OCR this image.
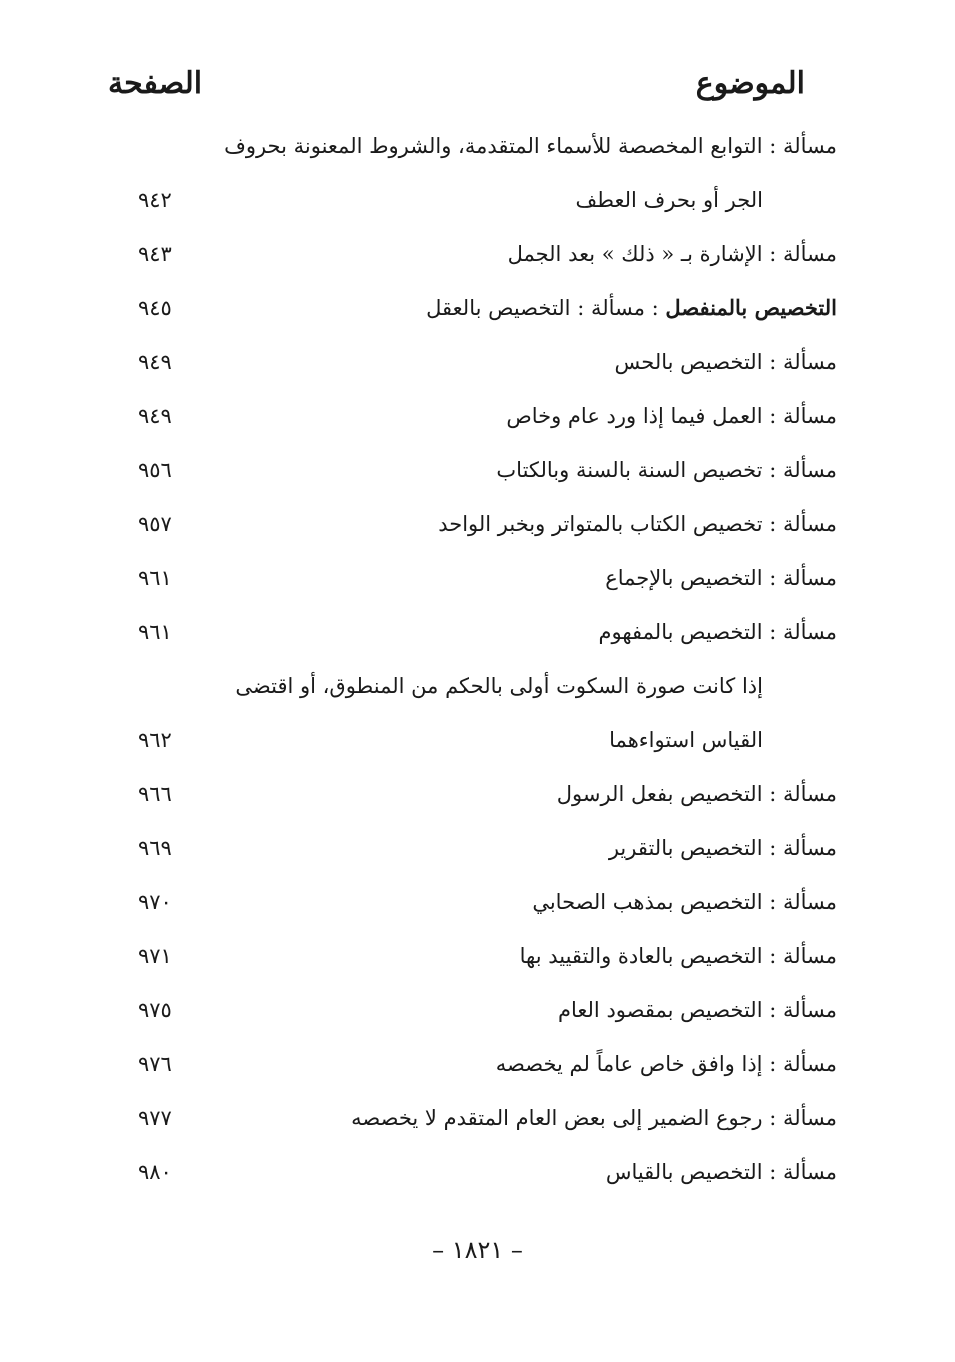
الموضوع
الصفحة
مسألة : التوابع المخصصة للأسماء المتقدمة، والشروط المعنونة بحروف
الجر أو بحرف العطف
٩٤٢
مسألة : الإشارة بـ « ذلك » بعد الجمل
٩٤٣
التخصيص بالمنفصل : مسألة : التخصيص بالعقل
٩٤٥
مسألة : التخصيص بالحس
٩٤٩
مسألة : العمل فيما إذا ورد عام وخاص
٩٤٩
مسألة : تخصيص السنة بالسنة وبالكتاب
٩٥٦
مسألة : تخصيص الكتاب بالمتواتر وبخبر الواحد
٩٥٧
مسألة : التخصيص بالإجماع
٩٦١
مسألة : التخصيص بالمفهوم
٩٦١
إذا كانت صورة السكوت أولى بالحكم من المنطوق، أو اقتضى
القياس استواءهما
٩٦٢
مسألة : التخصيص بفعل الرسول
٩٦٦
مسألة : التخصيص بالتقرير
٩٦٩
مسألة : التخصيص بمذهب الصحابي
٩٧٠
مسألة : التخصيص بالعادة والتقييد بها
٩٧١
مسألة : التخصيص بمقصود العام
٩٧٥
مسألة : إذا وافق خاص عاماً لم يخصصه
٩٧٦
مسألة : رجوع الضمير إلى بعض العام المتقدم لا يخصصه
٩٧٧
مسألة : التخصيص بالقياس
٩٨٠
– ١٨٢١ –
